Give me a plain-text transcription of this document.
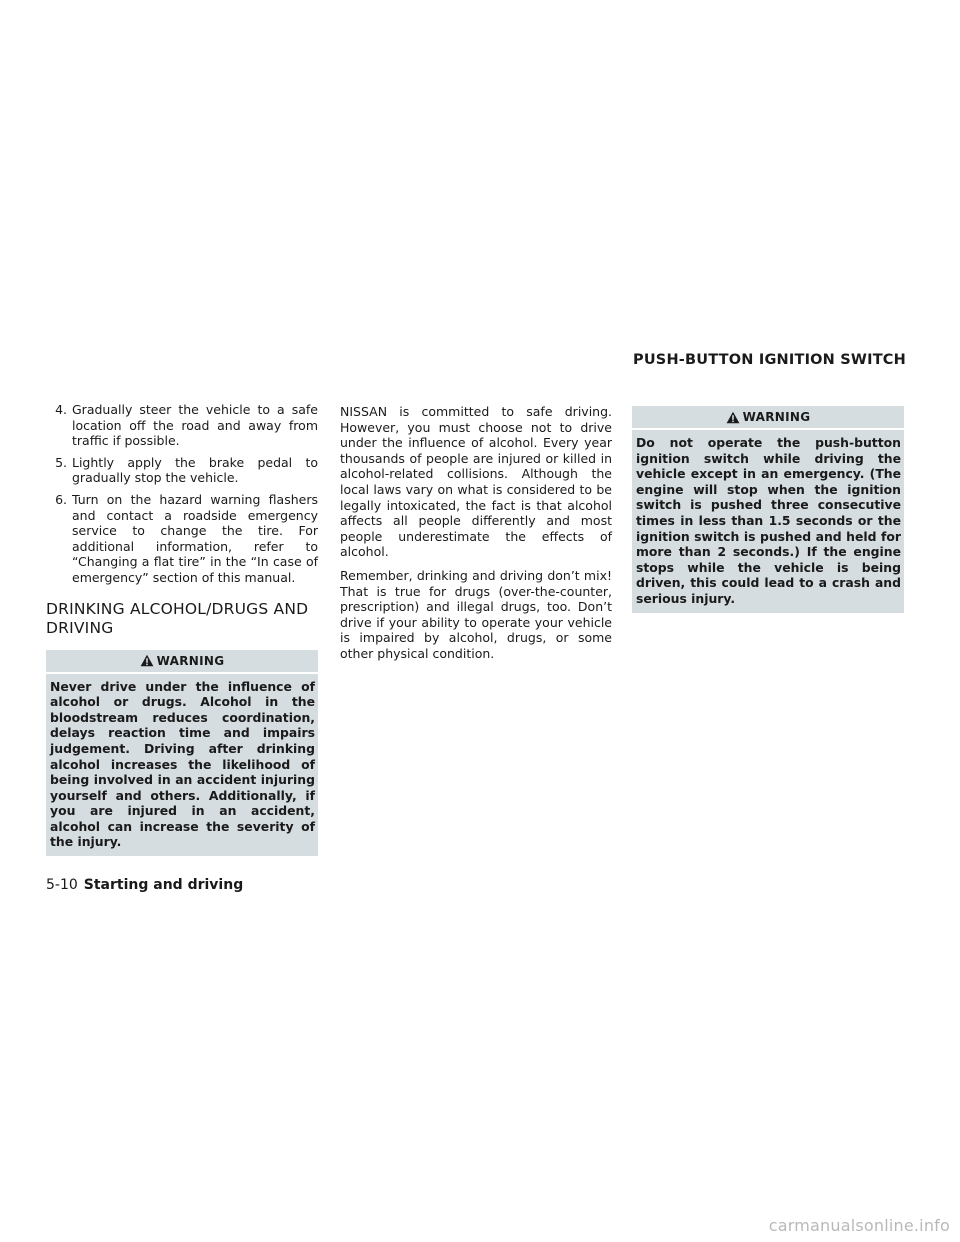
PUSH-BUTTON IGNITION SWITCH
4. Gradually steer the vehicle to a safe location off the road and away from traffic if possible.
5. Lightly apply the brake pedal to gradually stop the vehicle.
6. Turn on the hazard warning flashers and contact a roadside emergency service to change the tire. For additional information, refer to “Changing a flat tire” in the “In case of emergency” section of this manual.
DRINKING ALCOHOL/DRUGS AND
DRIVING
WARNING
Never drive under the influence of alcohol or drugs. Alcohol in the bloodstream reduces coordination, delays reaction time and impairs judgement. Driving after drinking alcohol increases the likelihood of being involved in an accident injuring yourself and others. Additionally, if you are injured in an accident, alcohol can increase the severity of the injury.

NISSAN is committed to safe driving. However, you must choose not to drive under the influence of alcohol. Every year thousands of people are injured or killed in alcohol-related collisions. Although the local laws vary on what is considered to be legally intoxicated, the fact is that alcohol affects all people differently and most people underestimate the effects of alcohol.

Remember, drinking and driving don’t mix! That is true for drugs (over-the-counter, prescription) and illegal drugs, too. Don’t drive if your ability to operate your vehicle is impaired by alcohol, drugs, or some other physical condition.

WARNING
Do not operate the push-button ignition switch while driving the vehicle except in an emergency. (The engine will stop when the ignition switch is pushed three consecutive times in less than 1.5 seconds or the ignition switch is pushed and held for more than 2 seconds.) If the engine stops while the vehicle is being driven, this could lead to a crash and serious injury.
5-10 Starting and driving
carmanualsonline.info
